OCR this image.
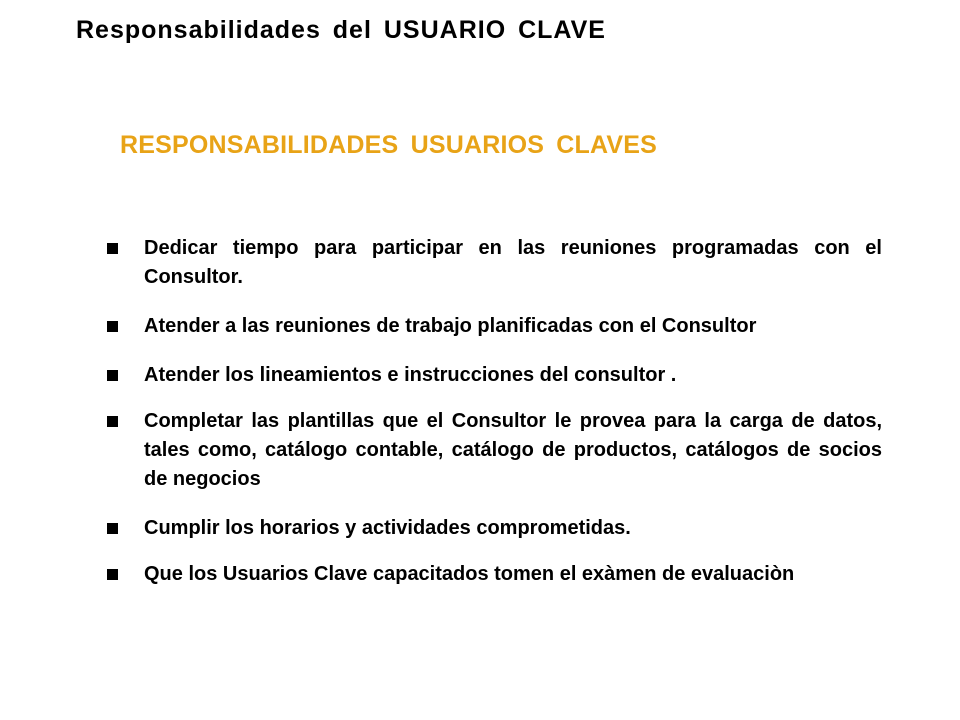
Responsabilidades del USUARIO CLAVE
RESPONSABILIDADES USUARIOS CLAVES
Dedicar tiempo para participar en las reuniones programadas con el Consultor.
Atender a las reuniones de trabajo planificadas con el Consultor
Atender los lineamientos e instrucciones del consultor .
Completar las plantillas que el Consultor le provea para la carga de datos, tales como, catálogo contable, catálogo de productos, catálogos de socios de negocios
Cumplir los horarios y actividades comprometidas.
Que los Usuarios Clave capacitados tomen el exàmen de evaluaciòn
